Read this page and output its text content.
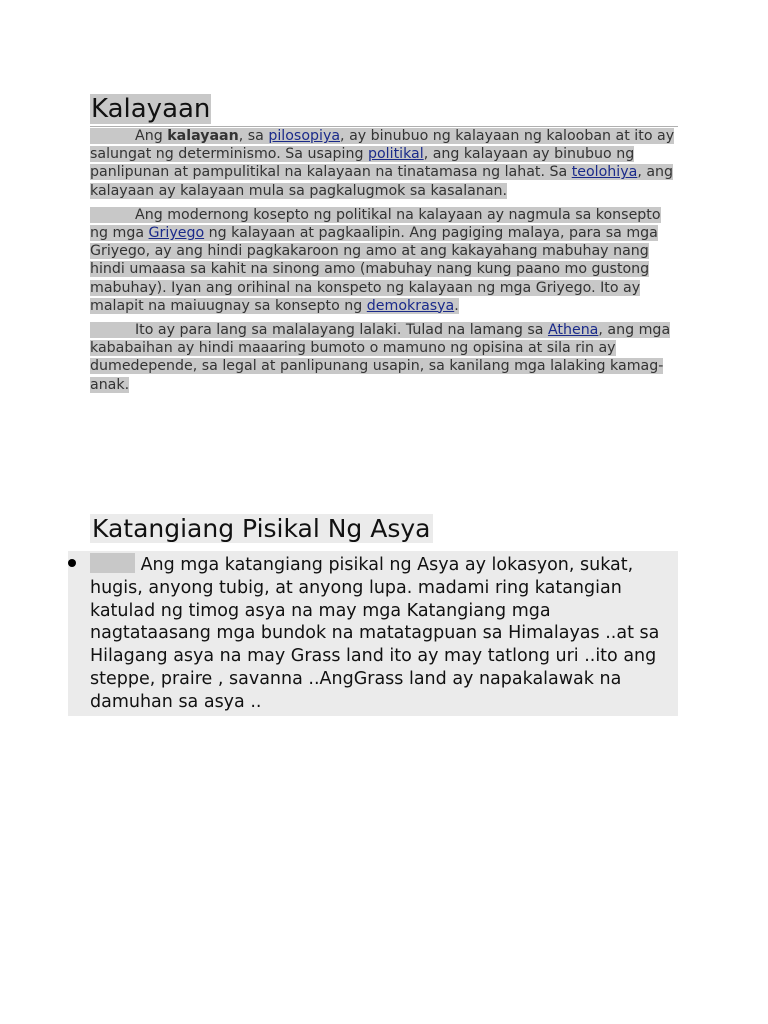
Kalayaan

Ang kalayaan, sa pilosopiya, ay binubuo ng kalayaan ng kalooban at ito ay salungat ng determinismo. Sa usaping politikal, ang kalayaan ay binubuo ng panlipunan at pampulitikal na kalayaan na tinatamasa ng lahat. Sa teolohiya, ang kalayaan ay kalayaan mula sa pagkalugmok sa kasalanan.

Ang modernong kosepto ng politikal na kalayaan ay nagmula sa konsepto ng mga Griyego ng kalayaan at pagkaalipin. Ang pagiging malaya, para sa mga Griyego, ay ang hindi pagkakaroon ng amo at ang kakayahang mabuhay nang hindi umaasa sa kahit na sinong amo (mabuhay nang kung paano mo gustong mabuhay). Iyan ang orihinal na konspeto ng kalayaan ng mga Griyego. Ito ay malapit na maiuugnay sa konsepto ng demokrasya.

Ito ay para lang sa malalayang lalaki. Tulad na lamang sa Athena, ang mga kababaihan ay hindi maaaring bumoto o mamuno ng opisina at sila rin ay dumedepende, sa legal at panlipunang usapin, sa kanilang mga lalaking kamag-anak.

Katangiang Pisikal Ng Asya
Ang mga katangiang pisikal ng Asya ay lokasyon, sukat, hugis, anyong tubig, at anyong lupa. madami ring katangian katulad ng timog asya na may mga Katangiang mga nagtataasang mga bundok na matatagpuan sa Himalayas ..at sa Hilagang asya na may Grass land ito ay may tatlong uri ..ito ang steppe, praire , savanna ..AngGrass land ay napakalawak na damuhan sa asya ..
